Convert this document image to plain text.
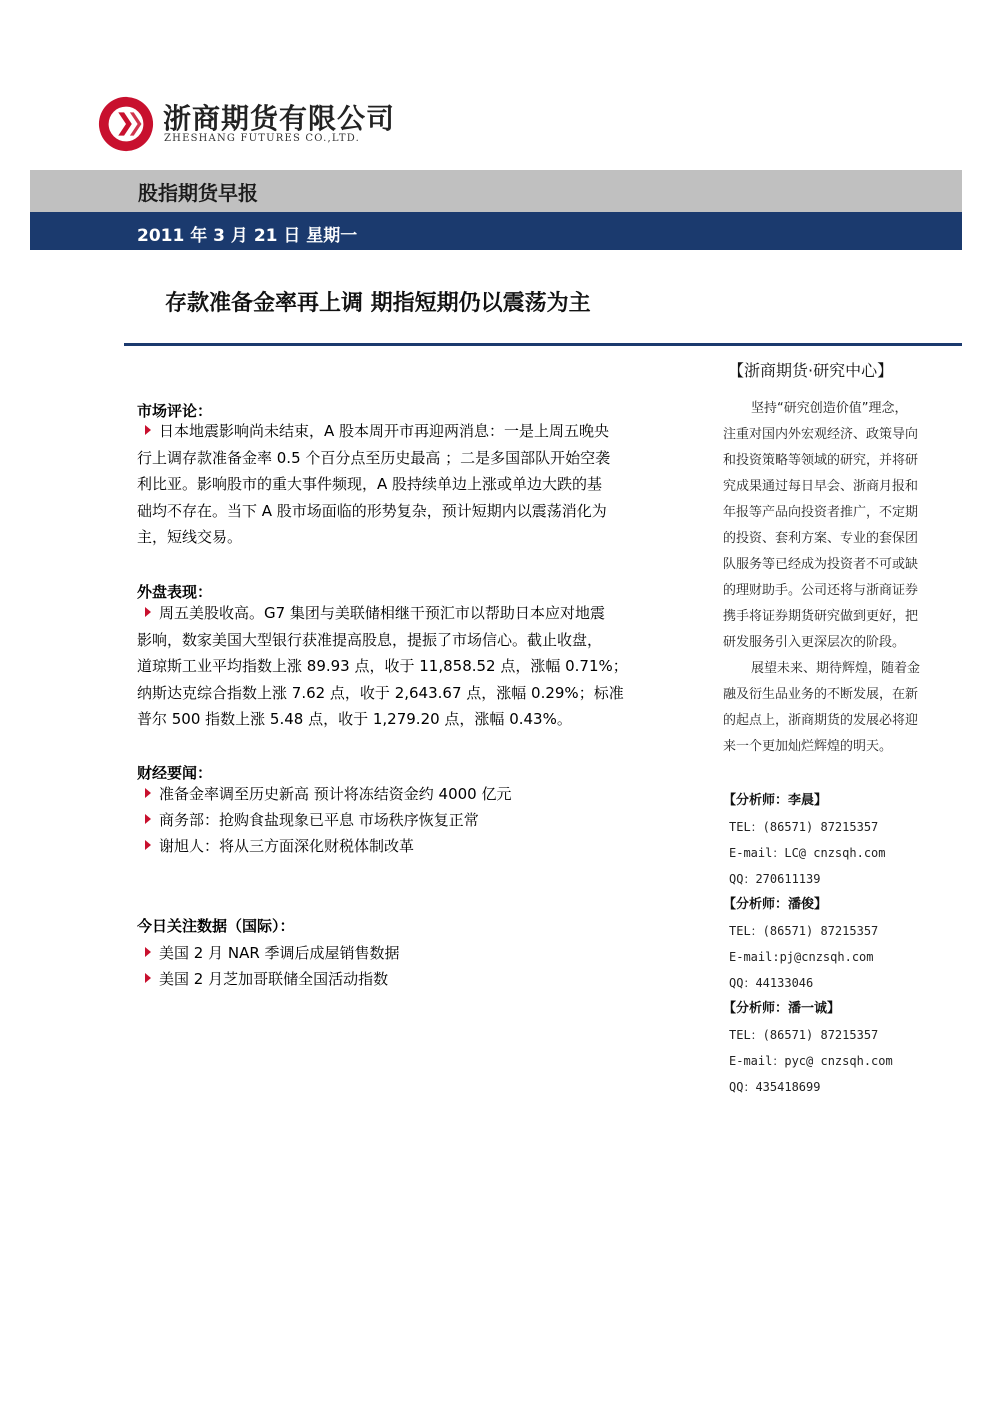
浙商期货有限公司
ZHESHANG FUTURES CO.,LTD.
股指期货早报
2011 年 3 月 21 日 星期一
存款准备金率再上调 期指短期仍以震荡为主
市场评论：
日本地震影响尚未结束，A 股本周开市再迎两消息：一是上周五晚央
行上调存款准备金率 0.5 个百分点至历史最高 ；二是多国部队开始空袭
利比亚。影响股市的重大事件频现，A 股持续单边上涨或单边大跌的基
础均不存在。当下 A 股市场面临的形势复杂，预计短期内以震荡消化为
主，短线交易。
外盘表现：
周五美股收高。G7 集团与美联储相继干预汇市以帮助日本应对地震
影响，数家美国大型银行获准提高股息，提振了市场信心。截止收盘，
道琼斯工业平均指数上涨 89.93 点，收于 11,858.52 点，涨幅 0.71%；
纳斯达克综合指数上涨 7.62 点，收于 2,643.67 点，涨幅 0.29%；标准
普尔 500 指数上涨 5.48 点，收于 1,279.20 点，涨幅 0.43%。
财经要闻：
准备金率调至历史新高 预计将冻结资金约 4000 亿元
商务部：抢购食盐现象已平息 市场秩序恢复正常
谢旭人：将从三方面深化财税体制改革
今日关注数据（国际）：
美国 2 月 NAR 季调后成屋销售数据
美国 2 月芝加哥联储全国活动指数
【浙商期货·研究中心】
坚持“研究创造价值”理念，
注重对国内外宏观经济、政策导向
和投资策略等领域的研究，并将研
究成果通过每日早会、浙商月报和
年报等产品向投资者推广，不定期
的投资、套利方案、专业的套保团
队服务等已经成为投资者不可或缺
的理财助手。公司还将与浙商证券
携手将证券期货研究做到更好，把
研发服务引入更深层次的阶段。
展望未来、期待辉煌，随着金
融及衍生品业务的不断发展，在新
的起点上，浙商期货的发展必将迎
来一个更加灿烂辉煌的明天。
【分析师：李晨】
TEL：(86571) 87215357
E-mail：LC@ cnzsqh.com
QQ：270611139
【分析师：潘俊】
TEL：(86571) 87215357
E-mail:pj@cnzsqh.com
QQ：44133046
【分析师：潘一诚】
TEL：(86571) 87215357
E-mail：pyc@ cnzsqh.com
QQ：435418699
